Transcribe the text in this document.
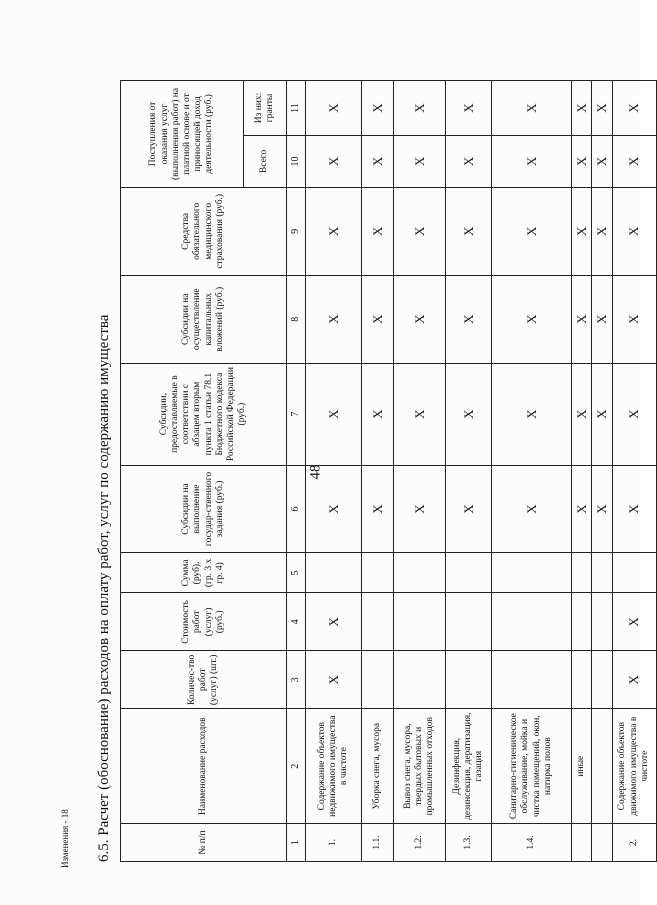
48
Изменения - 18 6.5. Расчет (обоснование) расходов на оплату работ, услуг по содержанию имущества	№ п/п	Наименование расходов	Количес-тво работ (услуг) (шт.)	Стоимость работ (услуг) (руб.)	Сумма (руб). (гр. 3 x гр. 4)	Субсидии на выполнение государ-ственного задания (руб.)	Субсидии, предоставляемые в соответствии с абзацем вторым пункта 1 статьи 78.1 Бюджетного кодекса Российской Федерации (руб.)	Субсидии на осуществление капитальных вложений (руб.)	Средства обязательного медицинского страхования (руб.)	Поступления от оказания услуг (выполнения работ) на платной основе и от приносящей доход деятельности (руб.)	
									Всего	Из них: гранты
1	2	3	4	5	6	7	8	9	10	11
1.	Содержание объектов недвижимого имущества в чистоте	Х	Х		Х	Х	Х	Х	Х	Х
1.1.	Уборка снега, мусора				Х	Х	Х	Х	Х	Х
1.2.	Вывоз снега, мусора, твердых бытовых и промышленных отходов				Х	Х	Х	Х	Х	Х
1.3.	Дезинфекция, дезинсекция, дератизация, газация				Х	Х	Х	Х	Х	Х
1.4.	Санитарно-гигиеническое обслуживание, мойка и чистка помещений, окон, натирка полов				Х	Х	Х	Х	Х	Х
	иные				Х	Х	Х	Х	Х	Х
					Х	Х	Х	Х	Х	Х
2.	Содержание объектов движимого имущества в чистоте	Х	Х		Х	Х	Х	Х	Х	Х
